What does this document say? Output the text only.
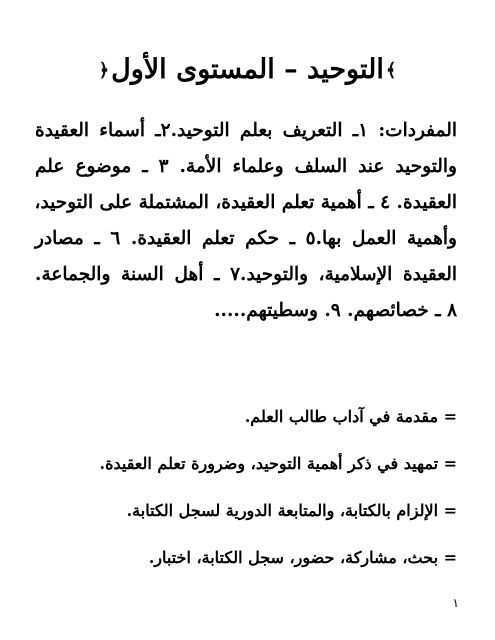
﴾التوحيد – المستوى الأول﴿
المفردات: ١ـ التعريف بعلم التوحيد.٢ـ أسماء العقيدة
والتوحيد عند السلف وعلماء الأمة. ٣ ـ موضوع علم
العقيدة. ٤ ـ أهمية تعلم العقيدة، المشتملة على التوحيد،
وأهمية العمل بها.٥ ـ حكم تعلم العقيدة. ٦ ـ مصادر
العقيدة الإسلامية، والتوحيد.٧ ـ أهل السنة والجماعة.
٨ ـ خصائصهم. ٩. وسطيتهم.....
= مقدمة في آداب طالب العلم.
= تمهيد في ذكر أهمية التوحيد، وضرورة تعلم العقيدة.
= الإلزام بالكتابة، والمتابعة الدورية لسجل الكتابة.
= بحث، مشاركة، حضور، سجل الكتابة، اختبار.
١
